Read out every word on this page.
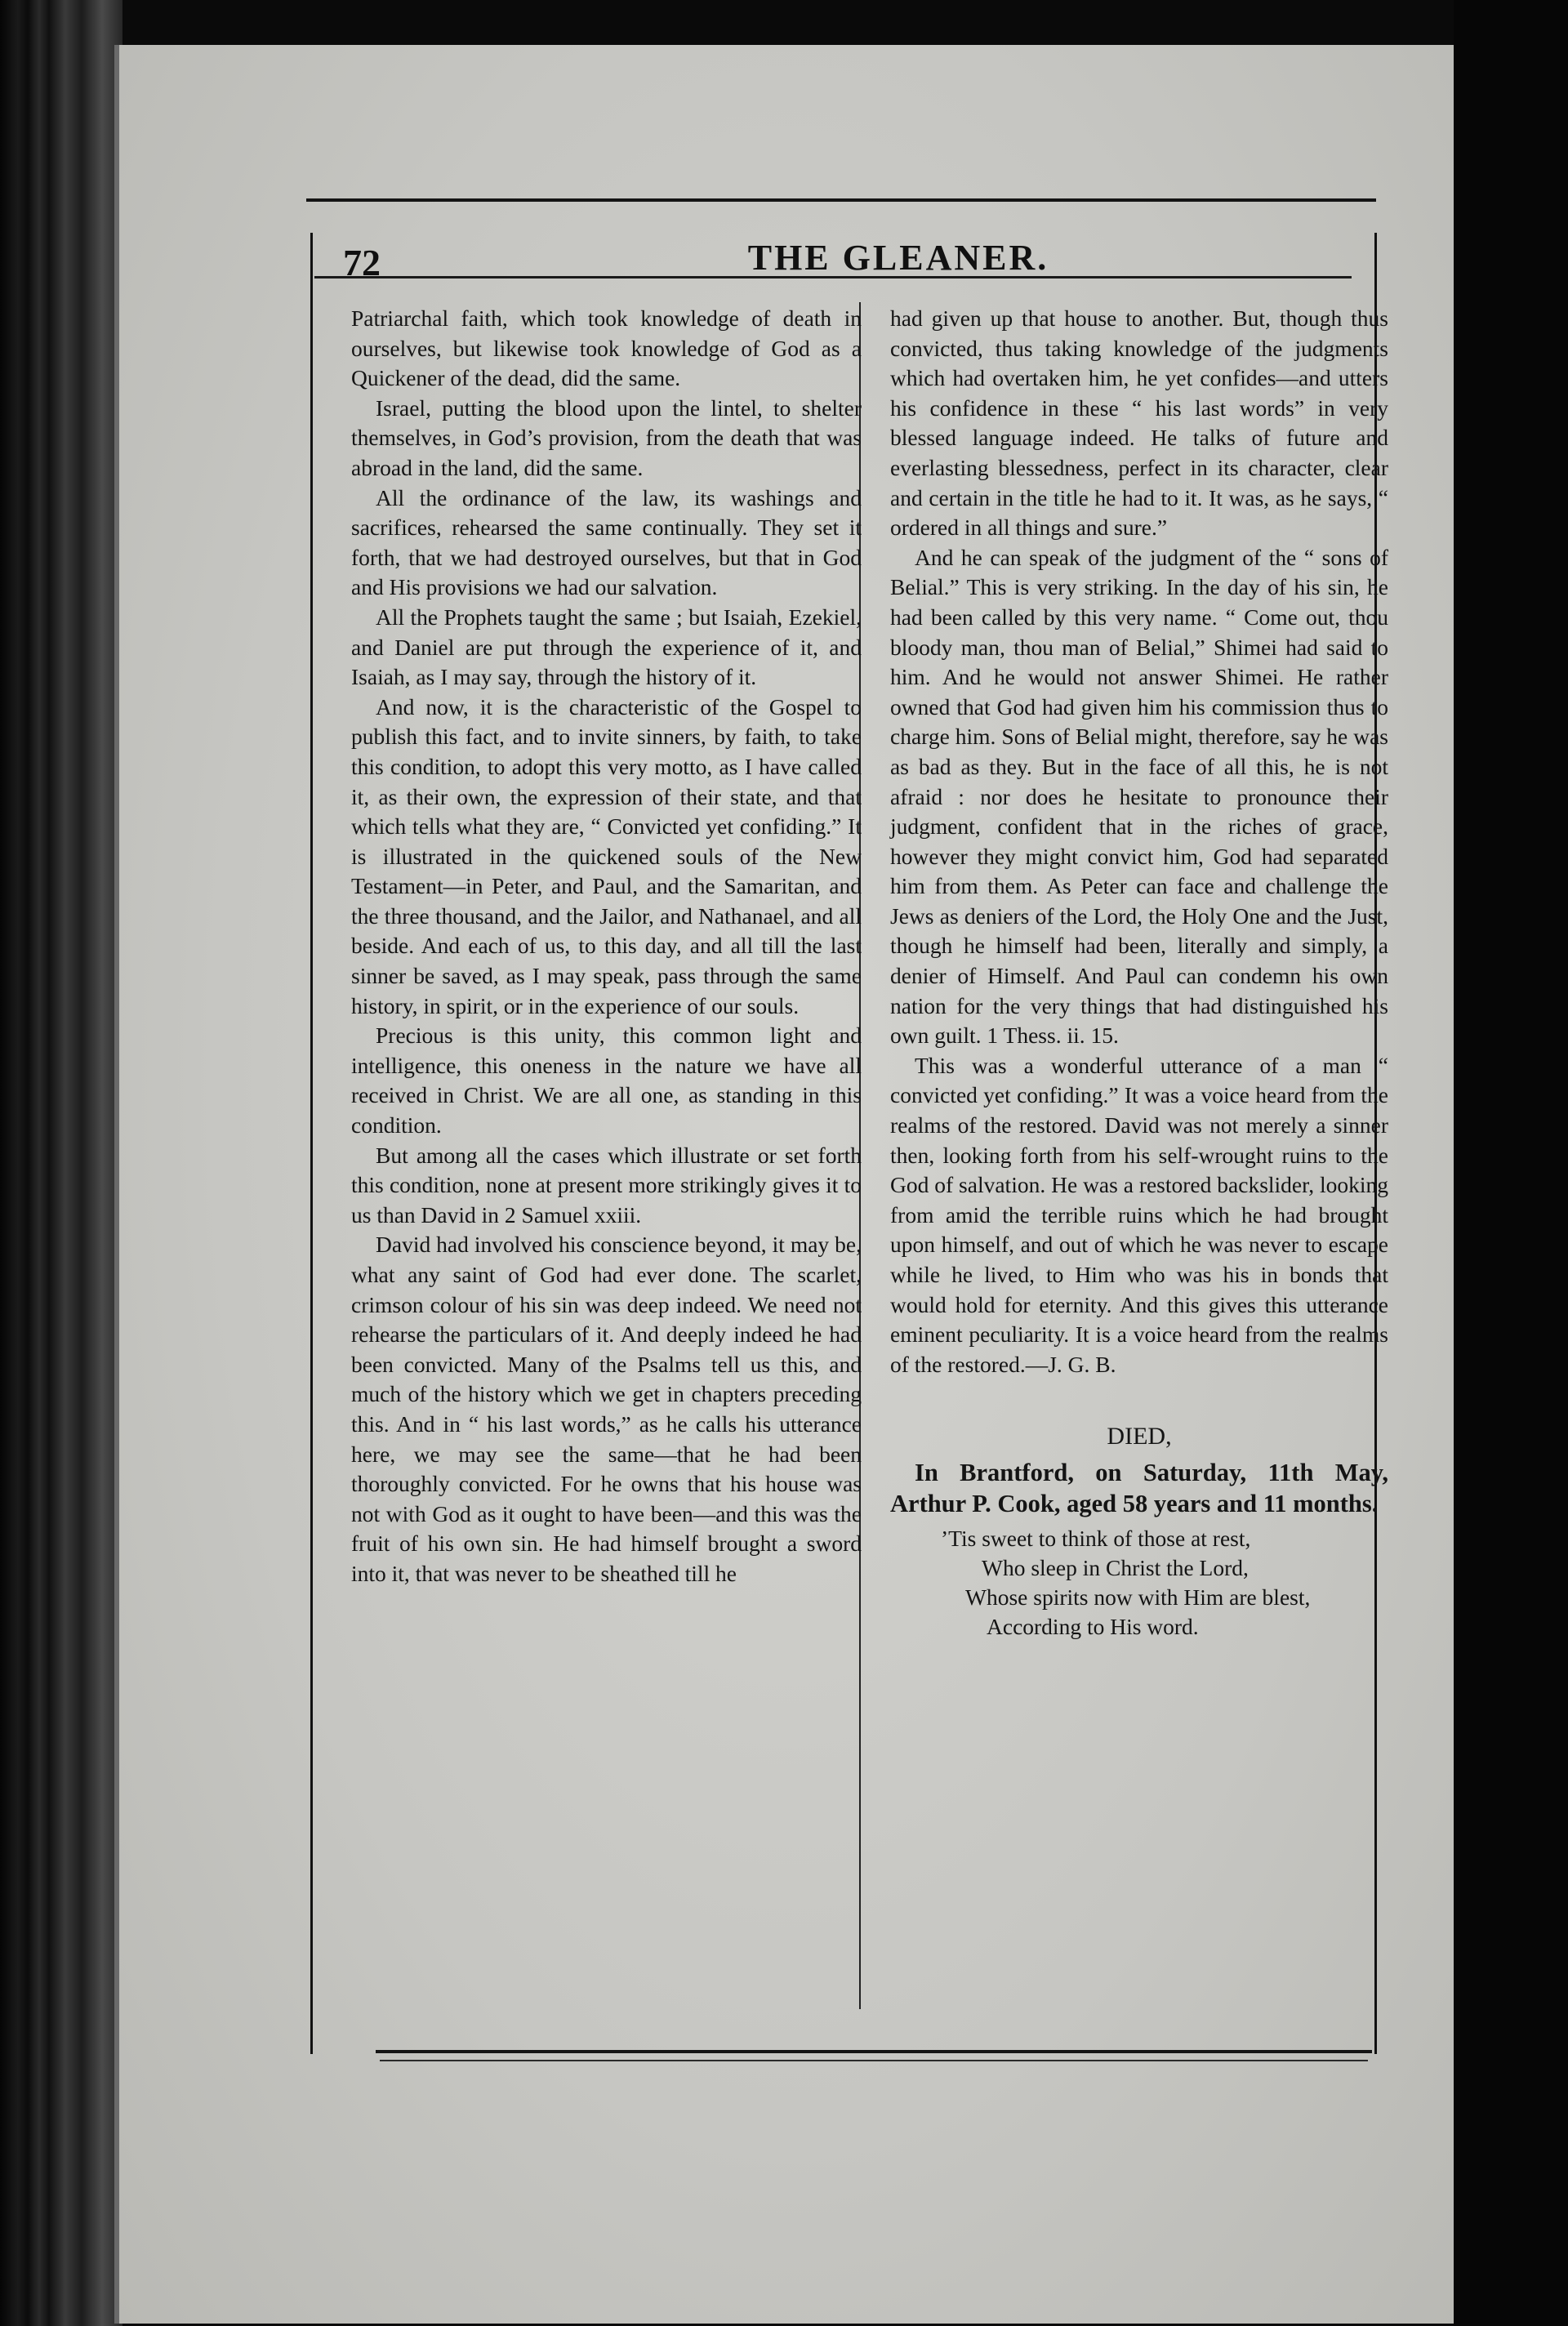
72	THE GLEANER.

Patriarchal faith, which took knowledge of death in ourselves, but likewise took knowledge of God as a Quickener of the dead, did the same.

Israel, putting the blood upon the lintel, to shelter themselves, in God’s provision, from the death that was abroad in the land, did the same.

All the ordinance of the law, its washings and sacrifices, rehearsed the same continually. They set it forth, that we had destroyed ourselves, but that in God and His provisions we had our salvation.

All the Prophets taught the same ; but Isaiah, Ezekiel, and Daniel are put through the experience of it, and Isaiah, as I may say, through the history of it.

And now, it is the characteristic of the Gospel to publish this fact, and to invite sinners, by faith, to take this condition, to adopt this very motto, as I have called it, as their own, the expression of their state, and that which tells what they are, “ Convicted yet confiding.” It is illustrated in the quickened souls of the New Testament—in Peter, and Paul, and the Samaritan, and the three thousand, and the Jailor, and Nathanael, and all beside. And each of us, to this day, and all till the last sinner be saved, as I may speak, pass through the same history, in spirit, or in the experience of our souls.

Precious is this unity, this common light and intelligence, this oneness in the nature we have all received in Christ. We are all one, as standing in this condition.

But among all the cases which illustrate or set forth this condition, none at present more strikingly gives it to us than David in 2 Samuel xxiii.

David had involved his conscience beyond, it may be, what any saint of God had ever done. The scarlet, crimson colour of his sin was deep indeed. We need not rehearse the particulars of it. And deeply indeed he had been convicted. Many of the Psalms tell us this, and much of the history which we get in chapters preceding this. And in “ his last words,” as he calls his utterance here, we may see the same—that he had been thoroughly convicted. For he owns that his house was not with God as it ought to have been—and this was the fruit of his own sin. He had himself brought a sword into it, that was never to be sheathed till he

had given up that house to another. But, though thus convicted, thus taking knowledge of the judgments which had overtaken him, he yet confides—and utters his confidence in these “ his last words” in very blessed language indeed. He talks of future and everlasting blessedness, perfect in its character, clear and certain in the title he had to it. It was, as he says, “ ordered in all things and sure.”

And he can speak of the judgment of the “ sons of Belial.” This is very striking. In the day of his sin, he had been called by this very name. “ Come out, thou bloody man, thou man of Belial,” Shimei had said to him. And he would not answer Shimei. He rather owned that God had given him his commission thus to charge him. Sons of Belial might, therefore, say he was as bad as they. But in the face of all this, he is not afraid : nor does he hesitate to pronounce their judgment, confident that in the riches of grace, however they might convict him, God had separated him from them. As Peter can face and challenge the Jews as deniers of the Lord, the Holy One and the Just, though he himself had been, literally and simply, a denier of Himself. And Paul can condemn his own nation for the very things that had distinguished his own guilt. 1 Thess. ii. 15.

This was a wonderful utterance of a man “ convicted yet confiding.” It was a voice heard from the realms of the restored. David was not merely a sinner then, looking forth from his self-wrought ruins to the God of salvation. He was a restored backslider, looking from amid the terrible ruins which he had brought upon himself, and out of which he was never to escape while he lived, to Him who was his in bonds that would hold for eternity. And this gives this utterance eminent peculiarity. It is a voice heard from the realms of the restored.—J. G. B.

DIED,

In Brantford, on Saturday, 11th May, Arthur P. Cook, aged 58 years and 11 months.

’Tis sweet to think of those at rest,
Who sleep in Christ the Lord,
Whose spirits now with Him are blest,
According to His word.
